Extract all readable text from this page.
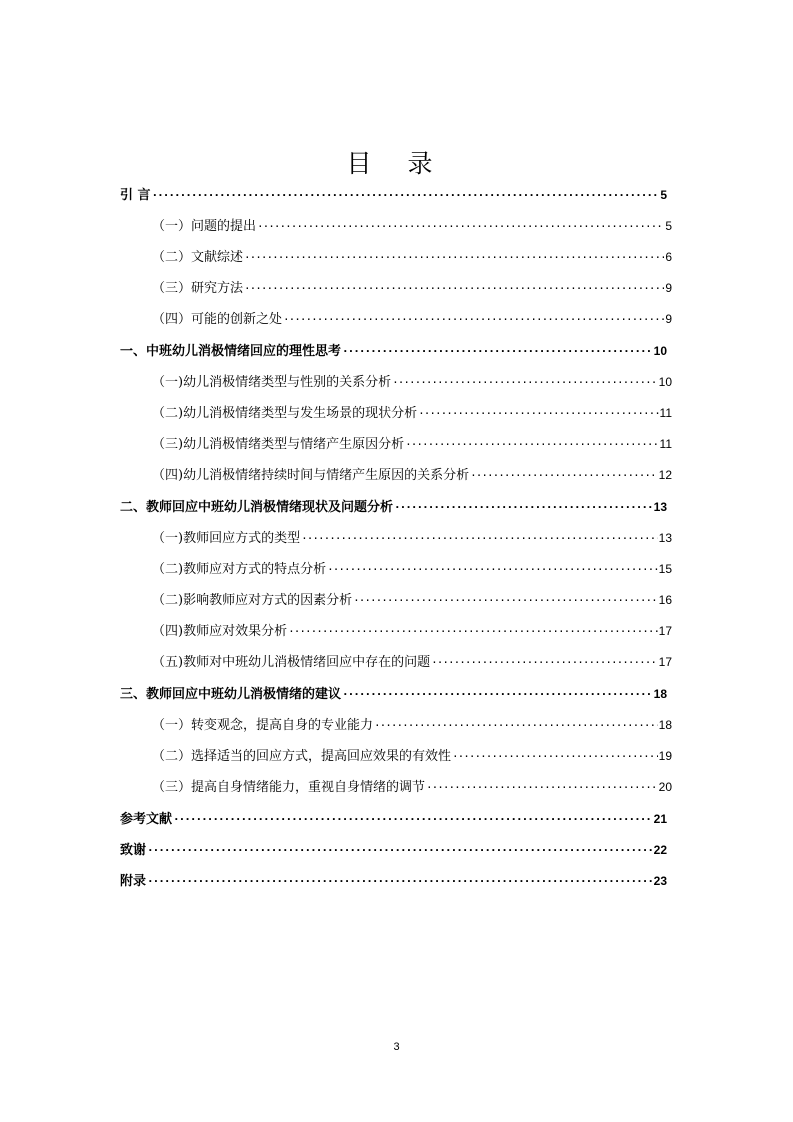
目 录
引 言 ·····	5
（一）问题的提出 ·····	5
（二）文献综述 ·····	6
（三）研究方法 ·····	9
（四）可能的创新之处 ·····	9
一、中班幼儿消极情绪回应的理性思考 ·····	10
（一)幼儿消极情绪类型与性别的关系分析 ·····	10
（二)幼儿消极情绪类型与发生场景的现状分析 ·····	11
（三)幼儿消极情绪类型与情绪产生原因分析 ·····	11
（四)幼儿消极情绪持续时间与情绪产生原因的关系分析 ·····	12
二、教师回应中班幼儿消极情绪现状及问题分析 ·····	13
（一)教师回应方式的类型 ·····	13
（二)教师应对方式的特点分析 ·····	15
（二)影响教师应对方式的因素分析 ·····	16
（四)教师应对效果分析 ·····	17
（五)教师对中班幼儿消极情绪回应中存在的问题 ·····	17
三、教师回应中班幼儿消极情绪的建议 ·····	18
（一）转变观念，提高自身的专业能力 ·····	18
（二）选择适当的回应方式，提高回应效果的有效性 ·····	19
（三）提高自身情绪能力，重视自身情绪的调节 ·····	20
参考文献 ·····	21
致谢 ·····	22
附录 ·····	23
3
